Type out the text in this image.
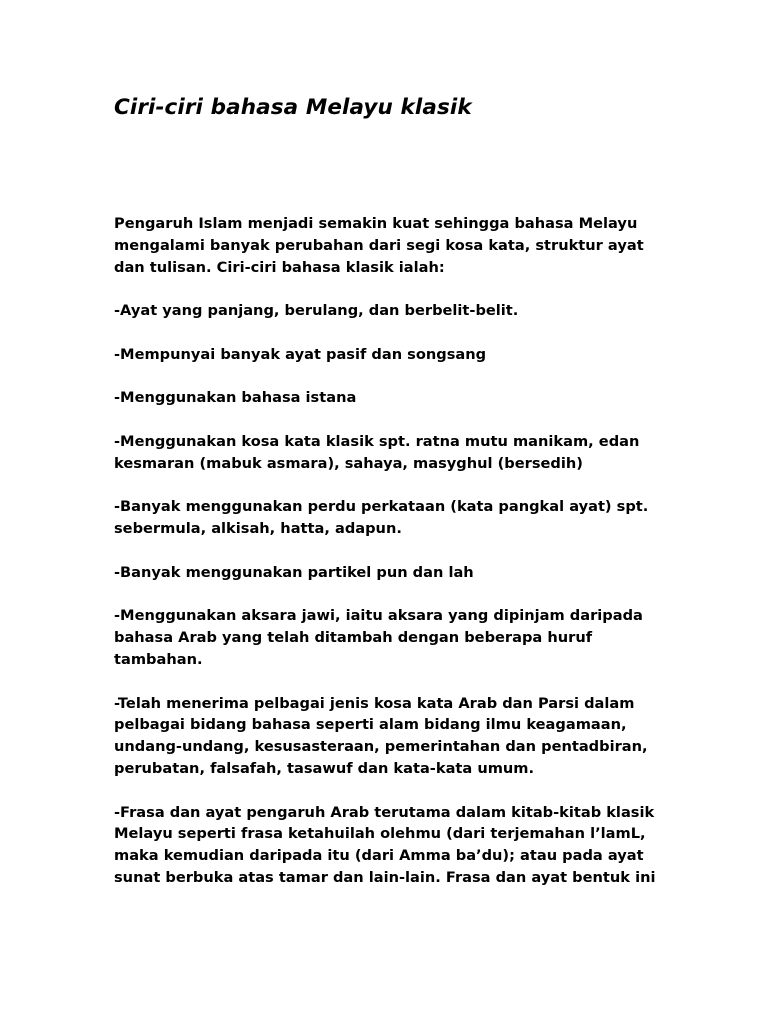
Ciri-ciri bahasa Melayu klasik

Pengaruh Islam menjadi semakin kuat sehingga bahasa Melayu
mengalami banyak perubahan dari segi kosa kata, struktur ayat
dan tulisan. Ciri-ciri bahasa klasik ialah:

-Ayat yang panjang, berulang, dan berbelit-belit.

-Mempunyai banyak ayat pasif dan songsang

-Menggunakan bahasa istana

-Menggunakan kosa kata klasik spt. ratna mutu manikam, edan
kesmaran (mabuk asmara), sahaya, masyghul (bersedih)

-Banyak menggunakan perdu perkataan (kata pangkal ayat) spt.
sebermula, alkisah, hatta, adapun.

-Banyak menggunakan partikel pun dan lah

-Menggunakan aksara jawi, iaitu aksara yang dipinjam daripada
bahasa Arab yang telah ditambah dengan beberapa huruf
tambahan.

-Telah menerima pelbagai jenis kosa kata Arab dan Parsi dalam
pelbagai bidang bahasa seperti alam bidang ilmu keagamaan,
undang-undang, kesusasteraan, pemerintahan dan pentadbiran,
perubatan, falsafah, tasawuf dan kata-kata umum.

-Frasa dan ayat pengaruh Arab terutama dalam kitab-kitab klasik
Melayu seperti frasa ketahuilah olehmu (dari terjemahan l’lamL,
maka kemudian daripada itu (dari Amma ba’du); atau pada ayat
sunat berbuka atas tamar dan lain-lain. Frasa dan ayat bentuk ini
